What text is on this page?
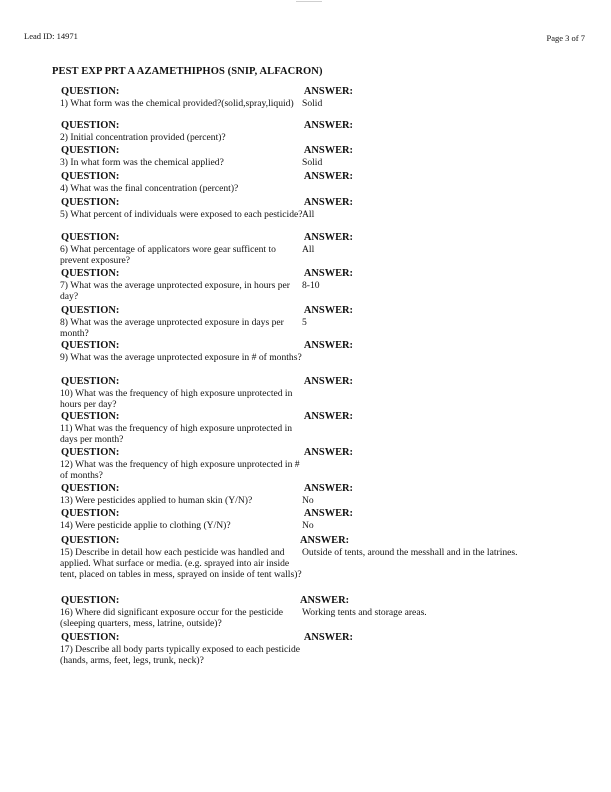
Lead ID: 14971	Page 3 of 7
PEST EXP PRT A AZAMETHIPHOS (SNIP, ALFACRON)
QUESTION:	ANSWER:
1) What form was the chemical provided?(solid,spray,liquid) Solid
QUESTION:	ANSWER:
2) Initial concentration provided (percent)?
QUESTION:	ANSWER:
3) In what form was the chemical applied?	Solid
QUESTION:	ANSWER:
4) What was the final concentration (percent)?
QUESTION:	ANSWER:
5) What percent of individuals were exposed to each pesticide? All
QUESTION:	ANSWER:
6) What percentage of applicators wore gear sufficent to prevent exposure?
All
QUESTION:	ANSWER:
7) What was the average unprotected exposure, in hours per day?
8-10
QUESTION:	ANSWER:
8) What was the average unprotected exposure in days per month?
5
QUESTION:	ANSWER:
9) What was the average unprotected exposure in # of months?
QUESTION:	ANSWER:
10) What was the frequency of high exposure unprotected in hours per day?
QUESTION:	ANSWER:
11) What was the frequency of high exposure unprotected in days per month?
QUESTION:	ANSWER:
12) What was the frequency of high exposure unprotected in # of months?
QUESTION:	ANSWER:
13) Were pesticides applied to human skin (Y/N)?	No
QUESTION:	ANSWER:
14) Were pesticide applie to clothing (Y/N)?	No
QUESTION:	ANSWER:
15) Describe in detail how each pesticide was handled and applied. What surface or media. (e.g. sprayed into air inside tent, placed on tables in mess, sprayed on inside of tent walls)?
Outside of tents, around the messhall and in the latrines.
QUESTION:	ANSWER:
16) Where did significant exposure occur for the pesticide (sleeping quarters, mess, latrine, outside)?
Working tents and storage areas.
QUESTION:	ANSWER:
17) Describe all body parts typically exposed to each pesticide (hands, arms, feet, legs, trunk, neck)?
